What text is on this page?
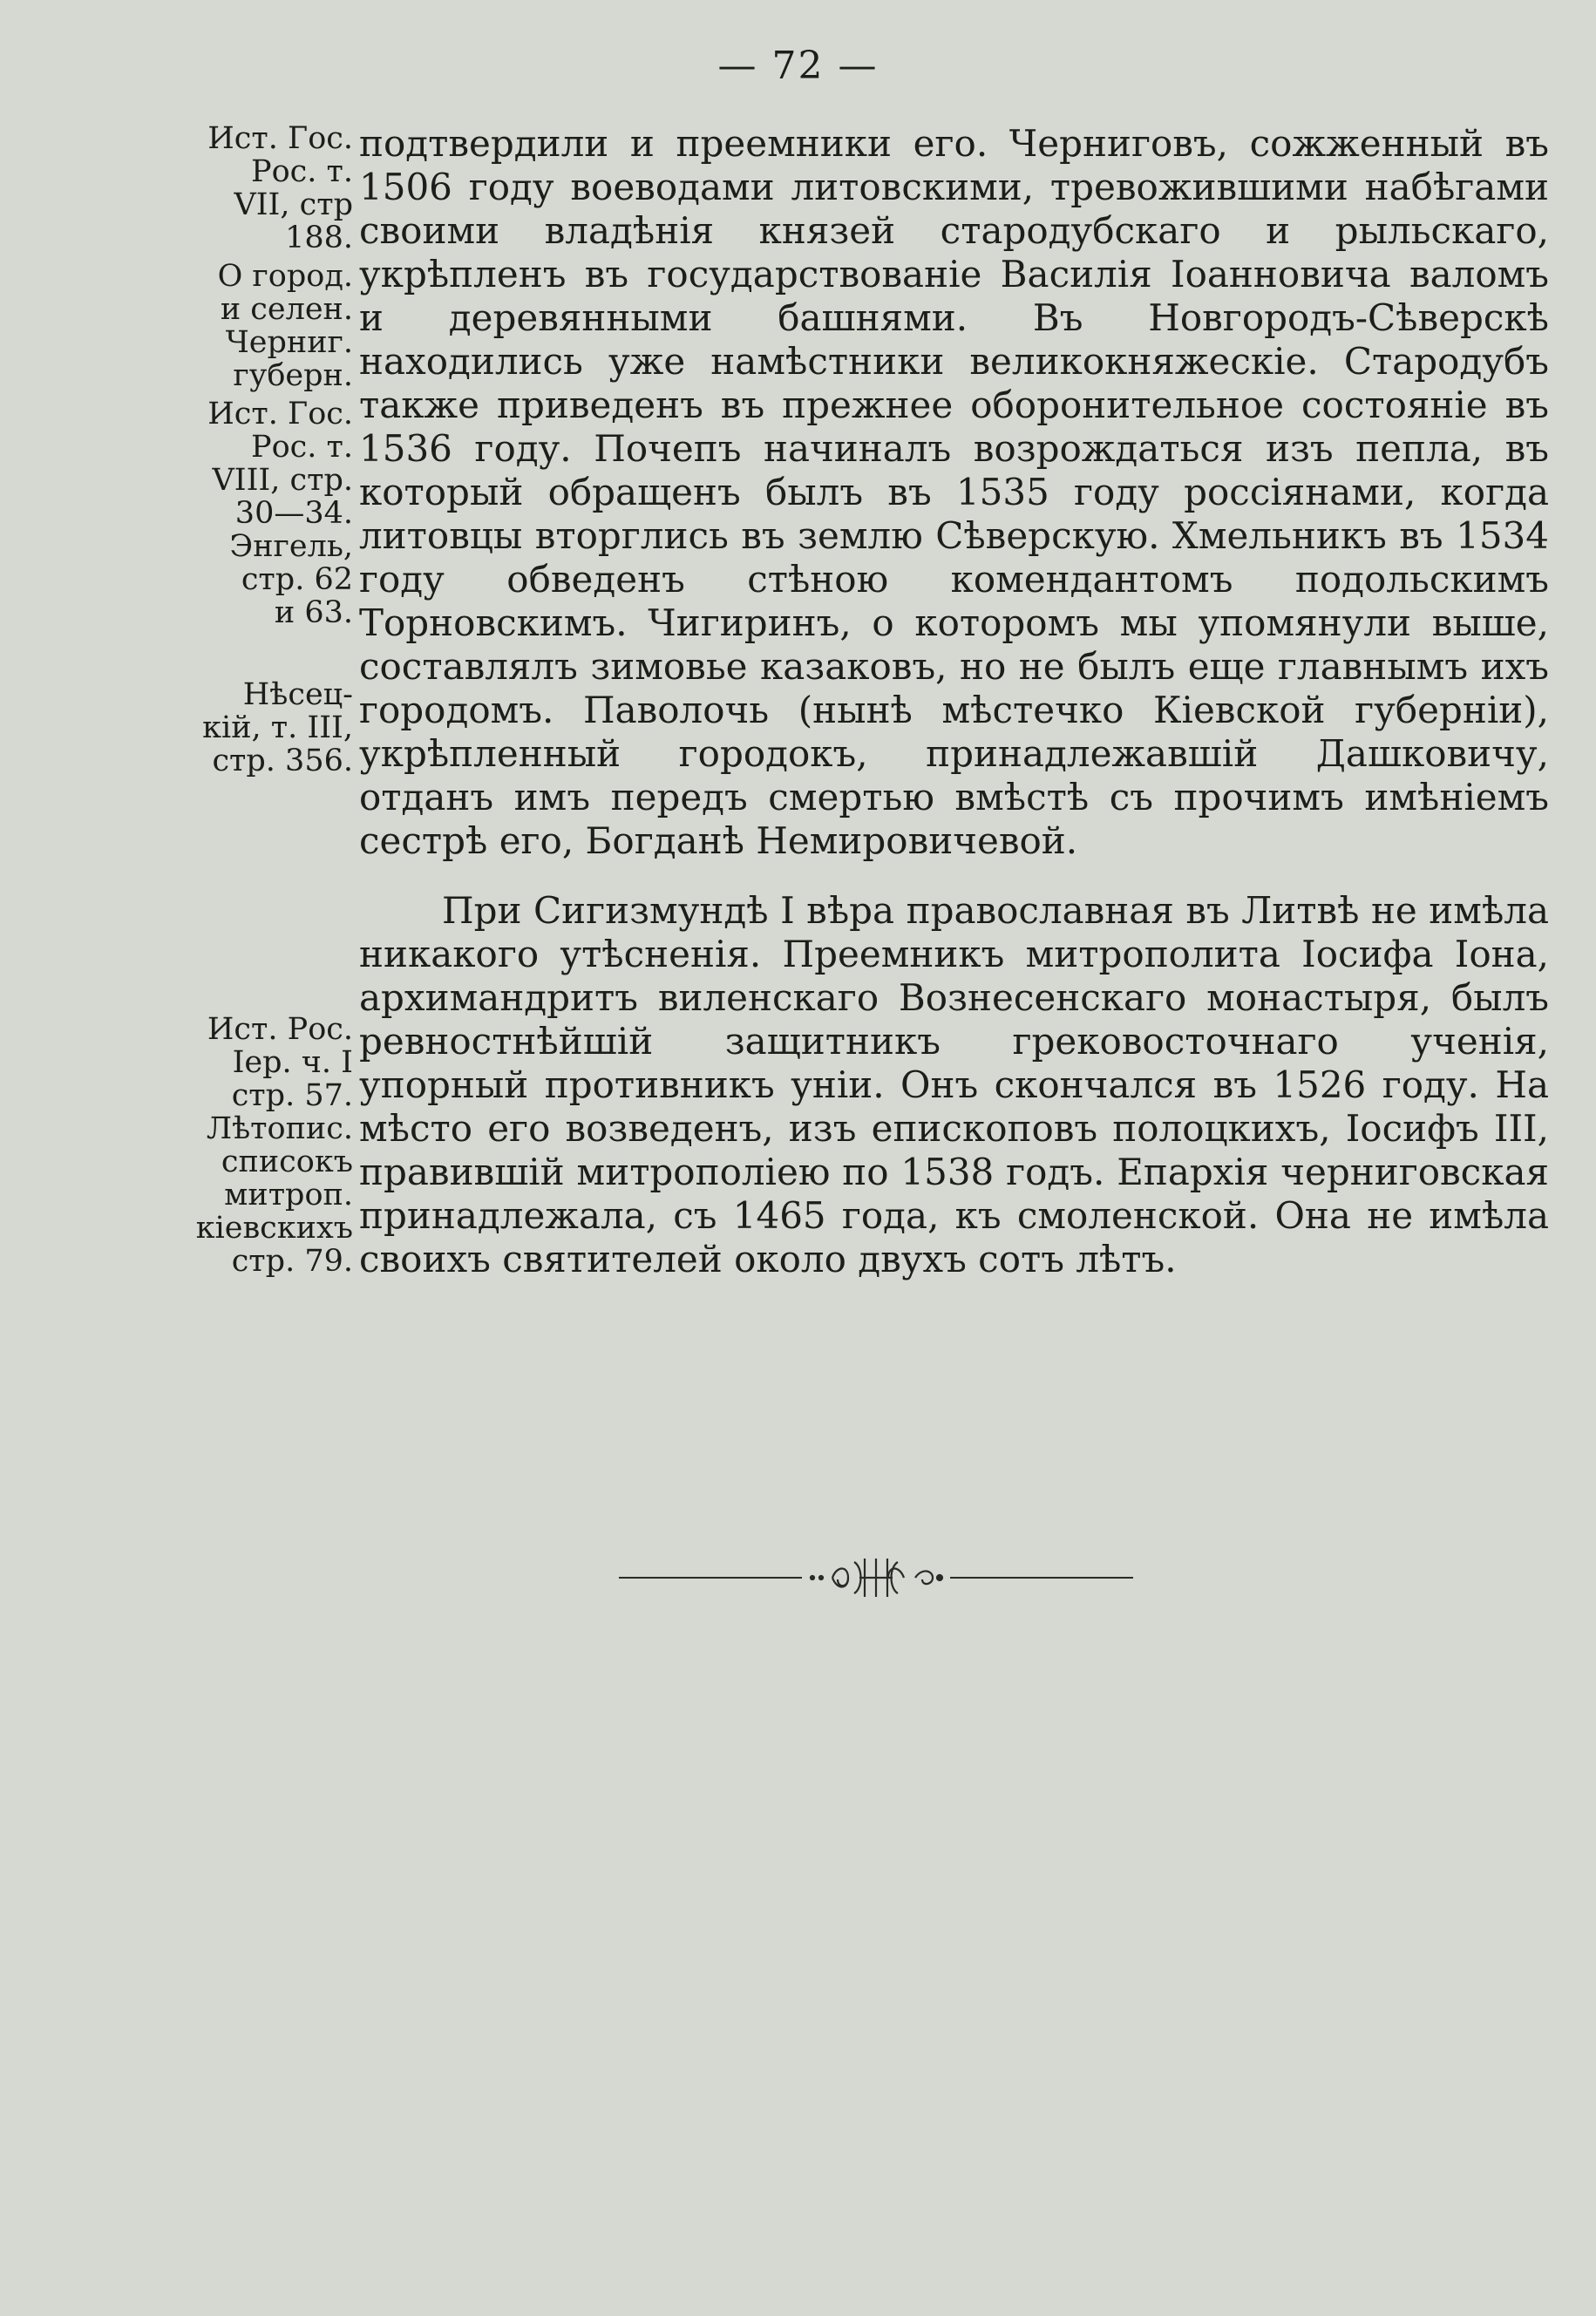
— 72 —

Ист. Гос.
Рос. т.
VII, стр
188.

О город.
и селен.
Черниг.
губерн.

Ист. Гос.
Рос. т.
VIII, стр.
30—34.
Энгель,
стр. 62
и 63.

Нѣсец-
кій, т. III,
стр. 356.

Ист. Рос.
Іер. ч. I
стр. 57.
Лѣтопис.
списокъ
митроп.
кіевскихъ
стр. 79.

подтвердили и преемники его. Черниговъ, сожженный въ 1506 году воеводами литовскими, тревожившими набѣгами своими владѣнія князей стародубскаго и рыльскаго, укрѣпленъ въ государствованіе Василія Іоанновича валомъ и деревянными башнями. Въ Новгородъ-Сѣверскѣ находились уже намѣстники великокняжескіе. Стародубъ также приведенъ въ прежнее оборонительное состояніе въ 1536 году. Почепъ начиналъ возрождаться изъ пепла, въ который обращенъ былъ въ 1535 году россіянами, когда литовцы вторглись въ землю Сѣверскую. Хмельникъ въ 1534 году обведенъ стѣною комендантомъ подольскимъ Торновскимъ. Чигиринъ, о которомъ мы упомянули выше, составлялъ зимовье казаковъ, но не былъ еще главнымъ ихъ городомъ. Паволочь (нынѣ мѣстечко Кіевской губерніи), укрѣпленный городокъ, принадлежавшій Дашковичу, отданъ имъ передъ смертью вмѣстѣ съ прочимъ имѣніемъ сестрѣ его, Богданѣ Немировичевой.

При Сигизмундѣ I вѣра православная въ Литвѣ не имѣла никакого утѣсненія. Преемникъ митрополита Іосифа Іона, архимандритъ виленскаго Вознесенскаго монастыря, былъ ревностнѣйшій защитникъ грековосточнаго ученія, упорный противникъ уніи. Онъ скончался въ 1526 году. На мѣсто его возведенъ, изъ епископовъ полоцкихъ, Іосифъ III, правившій митрополіею по 1538 годъ. Епархія черниговская принадлежала, съ 1465 года, къ смоленской. Она не имѣла своихъ святителей около двухъ сотъ лѣтъ.
